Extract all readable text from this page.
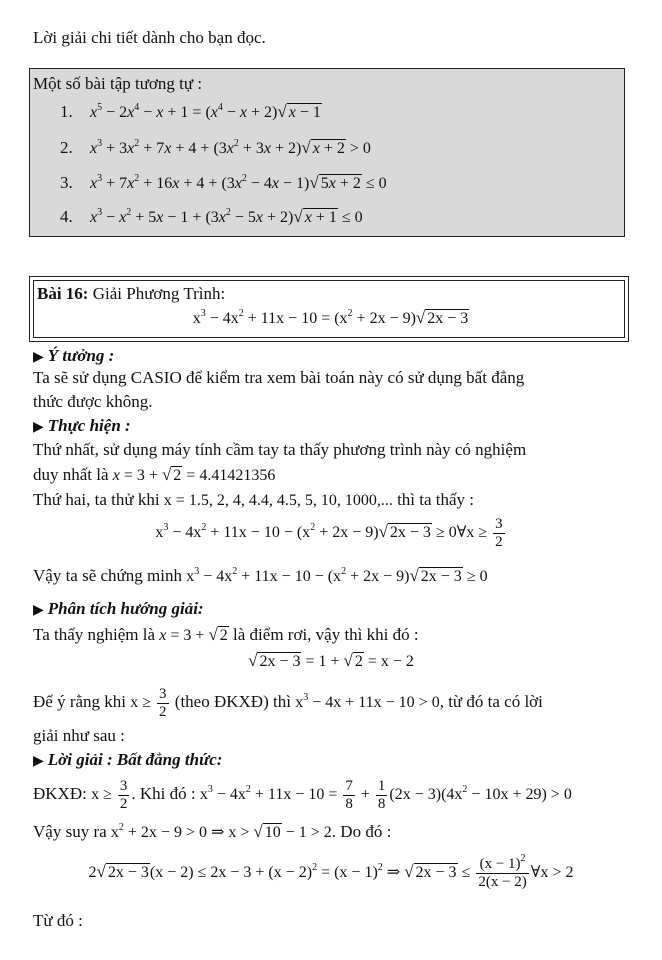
Lời giải chi tiết dành cho bạn đọc.
Một số bài tập tương tự :
1. $x^5 - 2x^4 - x + 1 = (x^4 - x + 2)√$ x − 1
2. $x^3 + 3x^2 + 7x + 4 + (3x^2 + 3x + 2)√$ x + 2 > 0
3. $x^3 + 7x^2 + 16x + 4 + (3x^2 - 4x - 1)√$ 5x + 2 ≤ 0
4. $x^3 - x^2 + 5x - 1 + (3x^2 - 5x + 2)√$ x + 1 ≤ 0
Bài 16: Giải Phương Trình:
$x^3 - 4x^2 + 11x - 10 = (x^2 + 2x - 9)√$ 2x − 3
▶ Ý tưởng :
Ta sẽ sử dụng CASIO để kiểm tra xem bài toán này có sử dụng bất đẳng
thức được không.
▶ Thực hiện :
Thứ nhất, sử dụng máy tính cầm tay ta thấy phương trình này có nghiệm
duy nhất là x = 3 + √ 2 = 4.41421356
Thứ hai, ta thử khi x = 1.5, 2, 4, 4.4, 4.5, 5, 10, 1000,... thì ta thấy :
$x^3 - 4x^2 + 11x - 10 - (x^2 + 2x - 9)√$ 2x − 3 ≥ 0∀x ≥ $\frac{3}{2}$
Vậy ta sẽ chứng minh $x^3 - 4x^2 + 11x - 10 - (x^2 + 2x - 9)√$ 2x − 3 ≥ 0
▶ Phân tích hướng giải:
Ta thấy nghiệm là x = 3 + √ 2 là điểm rơi, vậy thì khi đó :
√ 2x − 3 = 1 + √ 2 = x − 2
Để ý rằng khi $x \ge \frac{3}{2}$ (theo ĐKXĐ) thì $x^3 - 4x + 11x - 10 > 0$, từ đó ta có lời
giải như sau :
▶ Lời giải : Bất đẳng thức:
ĐKXĐ: $x \ge \frac{3}{2}$ . Khi đó : $x^3 - 4x^2 + 11x - 10 = \frac{7}{8} + \frac{1}{8} (2x - 3)(4x^2 - 10x + 29) > 0$
Vậy suy ra $x^2 + 2x - 9 > 0$ ⇒ x > √ 10 − 1 > 2. Do đó :
2√ $2x - 3(x - 2) \le 2x - 3 + (x - 2)^2 = (x - 1)^2$ ⇒ √ $2x - 3 \le \frac{(x - 1)^2}{2(x - 2)}$ ∀x > 2
Từ đó :
